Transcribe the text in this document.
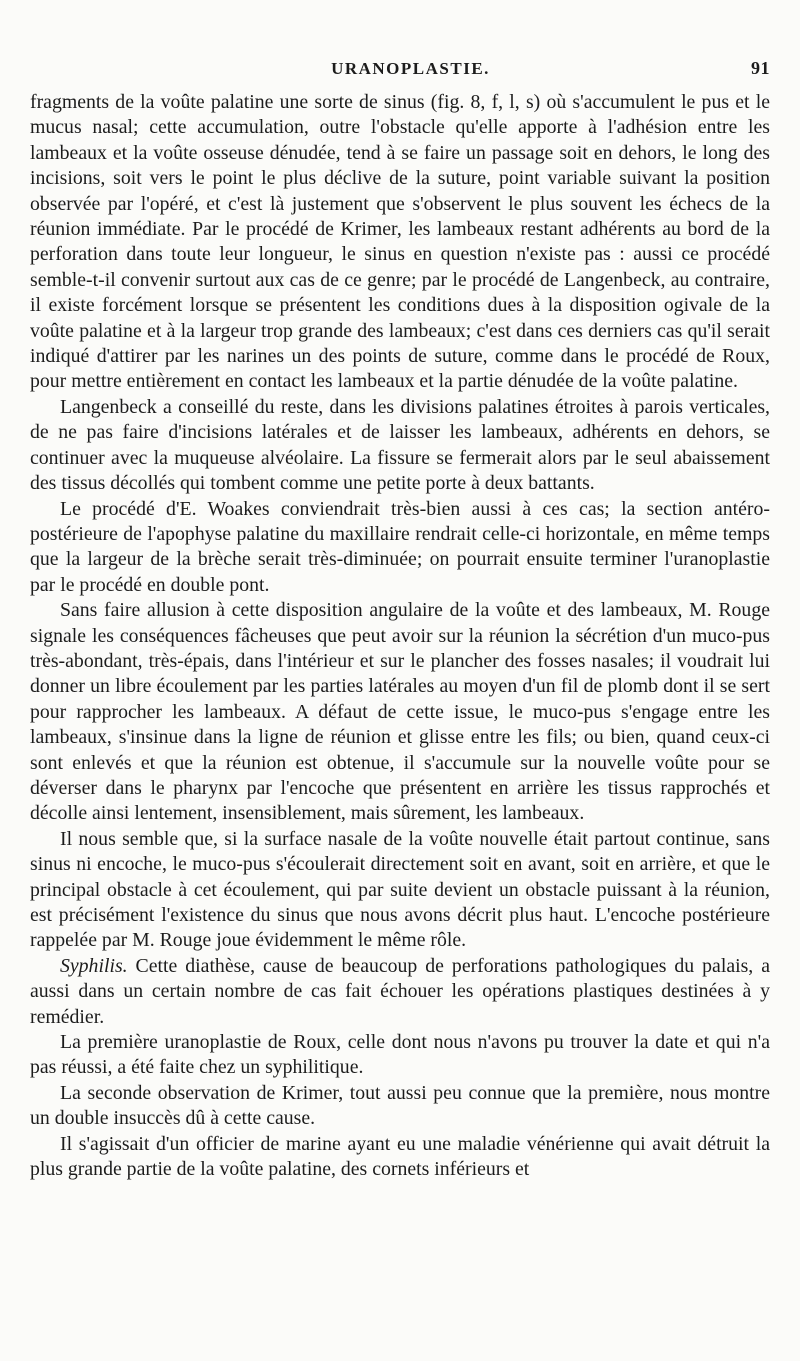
URANOPLASTIE.	91

fragments de la voûte palatine une sorte de sinus (fig. 8, f, l, s) où s'accumulent le pus et le mucus nasal; cette accumulation, outre l'obstacle qu'elle apporte à l'adhésion entre les lambeaux et la voûte osseuse dénudée, tend à se faire un passage soit en dehors, le long des incisions, soit vers le point le plus déclive de la suture, point variable suivant la position observée par l'opéré, et c'est là justement que s'observent le plus souvent les échecs de la réunion immédiate. Par le procédé de Krimer, les lambeaux restant adhérents au bord de la perforation dans toute leur longueur, le sinus en question n'existe pas : aussi ce procédé semble-t-il convenir surtout aux cas de ce genre; par le procédé de Langenbeck, au contraire, il existe forcément lorsque se présentent les conditions dues à la disposition ogivale de la voûte palatine et à la largeur trop grande des lambeaux; c'est dans ces derniers cas qu'il serait indiqué d'attirer par les narines un des points de suture, comme dans le procédé de Roux, pour mettre entièrement en contact les lambeaux et la partie dénudée de la voûte palatine.

Langenbeck a conseillé du reste, dans les divisions palatines étroites à parois verticales, de ne pas faire d'incisions latérales et de laisser les lambeaux, adhérents en dehors, se continuer avec la muqueuse alvéolaire. La fissure se fermerait alors par le seul abaissement des tissus décollés qui tombent comme une petite porte à deux battants.

Le procédé d'E. Woakes conviendrait très-bien aussi à ces cas; la section antéro-postérieure de l'apophyse palatine du maxillaire rendrait celle-ci horizontale, en même temps que la largeur de la brèche serait très-diminuée; on pourrait ensuite terminer l'uranoplastie par le procédé en double pont.

Sans faire allusion à cette disposition angulaire de la voûte et des lambeaux, M. Rouge signale les conséquences fâcheuses que peut avoir sur la réunion la sécrétion d'un muco-pus très-abondant, très-épais, dans l'intérieur et sur le plancher des fosses nasales; il voudrait lui donner un libre écoulement par les parties latérales au moyen d'un fil de plomb dont il se sert pour rapprocher les lambeaux. A défaut de cette issue, le muco-pus s'engage entre les lambeaux, s'insinue dans la ligne de réunion et glisse entre les fils; ou bien, quand ceux-ci sont enlevés et que la réunion est obtenue, il s'accumule sur la nouvelle voûte pour se déverser dans le pharynx par l'encoche que présentent en arrière les tissus rapprochés et décolle ainsi lentement, insensiblement, mais sûrement, les lambeaux.

Il nous semble que, si la surface nasale de la voûte nouvelle était partout continue, sans sinus ni encoche, le muco-pus s'écoulerait directement soit en avant, soit en arrière, et que le principal obstacle à cet écoulement, qui par suite devient un obstacle puissant à la réunion, est précisément l'existence du sinus que nous avons décrit plus haut. L'encoche postérieure rappelée par M. Rouge joue évidemment le même rôle.

Syphilis. Cette diathèse, cause de beaucoup de perforations pathologiques du palais, a aussi dans un certain nombre de cas fait échouer les opérations plastiques destinées à y remédier.

La première uranoplastie de Roux, celle dont nous n'avons pu trouver la date et qui n'a pas réussi, a été faite chez un syphilitique.

La seconde observation de Krimer, tout aussi peu connue que la première, nous montre un double insuccès dû à cette cause.

Il s'agissait d'un officier de marine ayant eu une maladie vénérienne qui avait détruit la plus grande partie de la voûte palatine, des cornets inférieurs et
